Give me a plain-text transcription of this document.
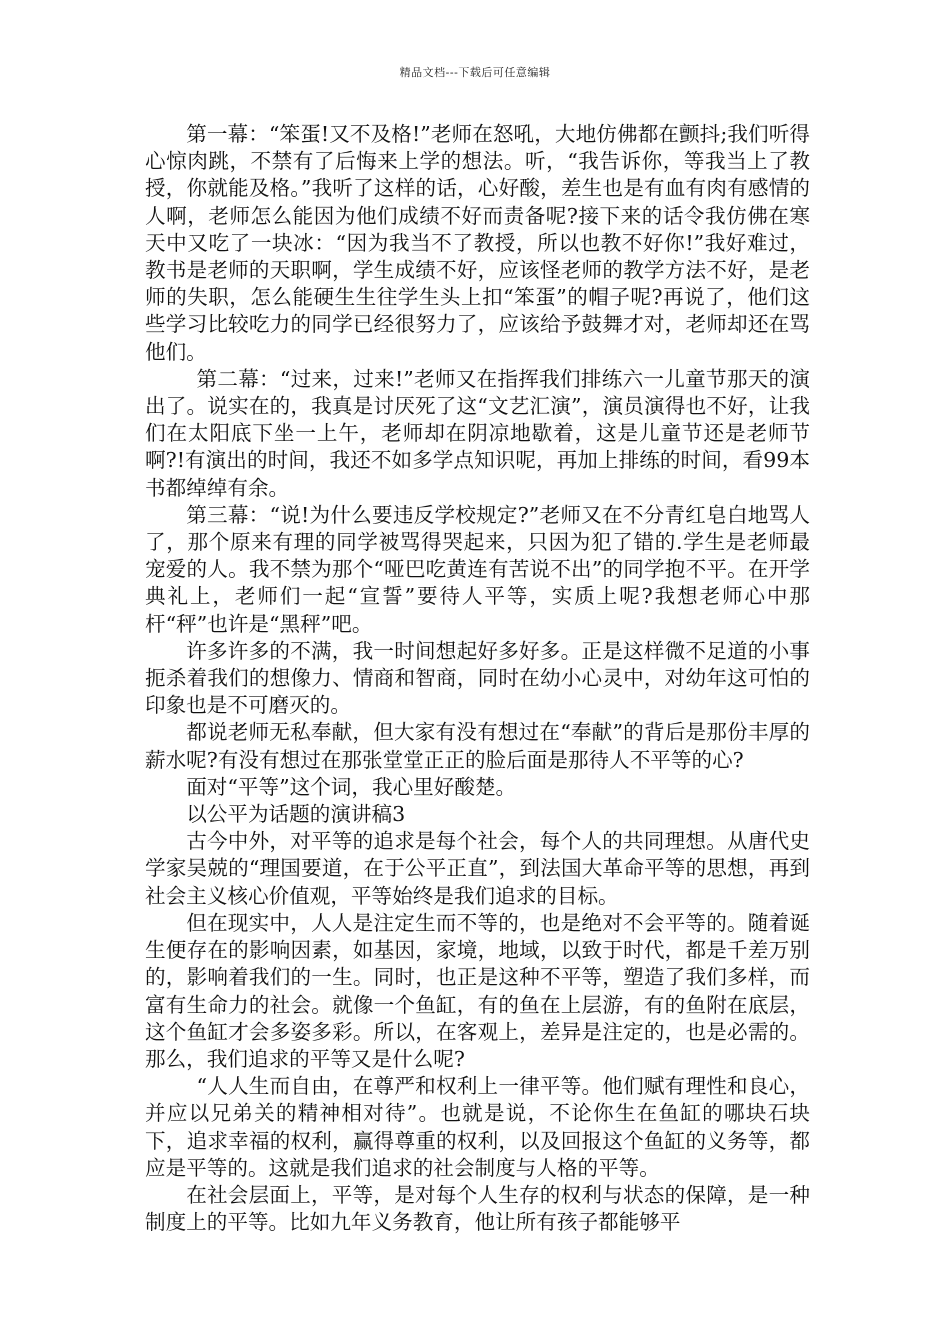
精品文档---下载后可任意编辑

第一幕：“笨蛋!又不及格!”老师在怒吼，大地仿佛都在颤抖;我们听得心惊肉跳，不禁有了后悔来上学的想法。听，“我告诉你，等我当上了教授，你就能及格。”我听了这样的话，心好酸，差生也是有血有肉有感情的人啊，老师怎么能因为他们成绩不好而责备呢?接下来的话令我仿佛在寒天中又吃了一块冰：“因为我当不了教授，所以也教不好你!”我好难过，教书是老师的天职啊，学生成绩不好，应该怪老师的教学方法不好，是老师的失职，怎么能硬生生往学生头上扣“笨蛋”的帽子呢?再说了，他们这些学习比较吃力的同学已经很努力了，应该给予鼓舞才对，老师却还在骂他们。

第二幕：“过来，过来!”老师又在指挥我们排练六一儿童节那天的演出了。说实在的，我真是讨厌死了这“文艺汇演”，演员演得也不好，让我们在太阳底下坐一上午，老师却在阴凉地歇着，这是儿童节还是老师节啊?!有演出的时间，我还不如多学点知识呢，再加上排练的时间，看99本书都绰绰有余。

第三幕：“说!为什么要违反学校规定?”老师又在不分青红皂白地骂人了，那个原来有理的同学被骂得哭起来，只因为犯了错的.学生是老师最宠爱的人。我不禁为那个“哑巴吃黄连有苦说不出”的同学抱不平。在开学典礼上，老师们一起“宣誓”要待人平等，实质上呢?我想老师心中那杆“秤”也许是“黑秤”吧。

许多许多的不满，我一时间想起好多好多。正是这样微不足道的小事扼杀着我们的想像力、情商和智商，同时在幼小心灵中，对幼年这可怕的印象也是不可磨灭的。

都说老师无私奉献，但大家有没有想过在“奉献”的背后是那份丰厚的薪水呢?有没有想过在那张堂堂正正的脸后面是那待人不平等的心?

面对“平等”这个词，我心里好酸楚。

以公平为话题的演讲稿3

古今中外，对平等的追求是每个社会，每个人的共同理想。从唐代史学家吴兢的“理国要道，在于公平正直”，到法国大革命平等的思想，再到社会主义核心价值观，平等始终是我们追求的目标。

但在现实中，人人是注定生而不等的，也是绝对不会平等的。随着诞生便存在的影响因素，如基因，家境，地域，以致于时代，都是千差万别的，影响着我们的一生。同时，也正是这种不平等，塑造了我们多样，而富有生命力的社会。就像一个鱼缸，有的鱼在上层游，有的鱼附在底层，这个鱼缸才会多姿多彩。所以，在客观上，差异是注定的，也是必需的。那么，我们追求的平等又是什么呢?

“人人生而自由，在尊严和权利上一律平等。他们赋有理性和良心，并应以兄弟关的精神相对待”。也就是说，不论你生在鱼缸的哪块石块下，追求幸福的权利，赢得尊重的权利，以及回报这个鱼缸的义务等，都应是平等的。这就是我们追求的社会制度与人格的平等。

在社会层面上，平等，是对每个人生存的权利与状态的保障，是一种制度上的平等。比如九年义务教育，他让所有孩子都能够平
